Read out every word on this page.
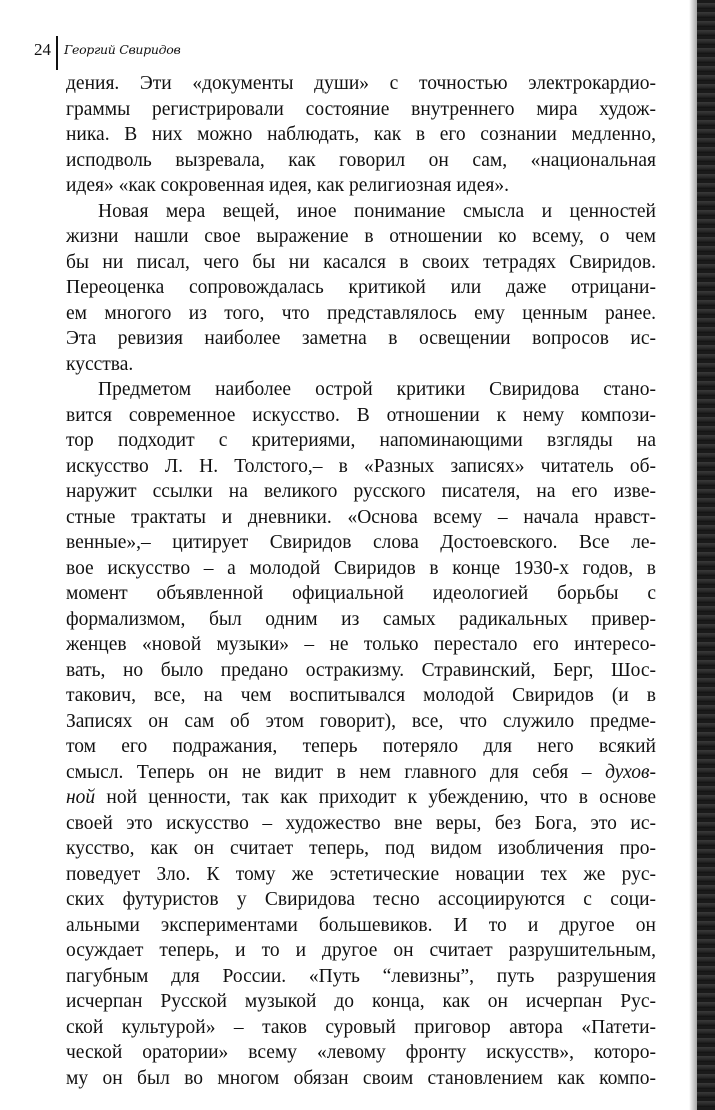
24 Георгий Свиридов
дения. Эти «документы души» с точностью электрокардио-
граммы регистрировали состояние внутреннего мира худож-
ника. В них можно наблюдать, как в его сознании медленно,
исподволь вызревала, как говорил он сам, «национальная
идея» «как сокровенная идея, как религиозная идея».
Новая мера вещей, иное понимание смысла и ценностей
жизни нашли свое выражение в отношении ко всему, о чем
бы ни писал, чего бы ни касался в своих тетрадях Свиридов.
Переоценка сопровождалась критикой или даже отрицани-
ем многого из того, что представлялось ему ценным ранее.
Эта ревизия наиболее заметна в освещении вопросов ис-
кусства.
Предметом наиболее острой критики Свиридова стано-
вится современное искусство. В отношении к нему компози-
тор подходит с критериями, напоминающими взгляды на
искусство Л. Н. Толстого,– в «Разных записях» читатель об-
наружит ссылки на великого русского писателя, на его изве-
стные трактаты и дневники. «Основа всему – начала нравст-
венные»,– цитирует Свиридов слова Достоевского. Все ле-
вое искусство – а молодой Свиридов в конце 1930-х годов, в
момент объявленной официальной идеологией борьбы с
формализмом, был одним из самых радикальных привер-
женцев «новой музыки» – не только перестало его интересо-
вать, но было предано остракизму. Стравинский, Берг, Шос-
такович, все, на чем воспитывался молодой Свиридов (и в
Записях он сам об этом говорит), все, что служило предме-
том его подражания, теперь потеряло для него всякий
смысл. Теперь он не видит в нем главного для себя – духов-
ной ной ценности, так как приходит к убеждению, что в основе
своей это искусство – художество вне веры, без Бога, это ис-
кусство, как он считает теперь, под видом изобличения про-
поведует Зло. К тому же эстетические новации тех же рус-
ских футуристов у Свиридова тесно ассоциируются с соци-
альными экспериментами большевиков. И то и другое он
осуждает теперь, и то и другое он считает разрушительным,
пагубным для России. «Путь “левизны”, путь разрушения
исчерпан Русской музыкой до конца, как он исчерпан Рус-
ской культурой» – таков суровый приговор автора «Патети-
ческой оратории» всему «левому фронту искусств», которо-
му он был во многом обязан своим становлением как компо-
